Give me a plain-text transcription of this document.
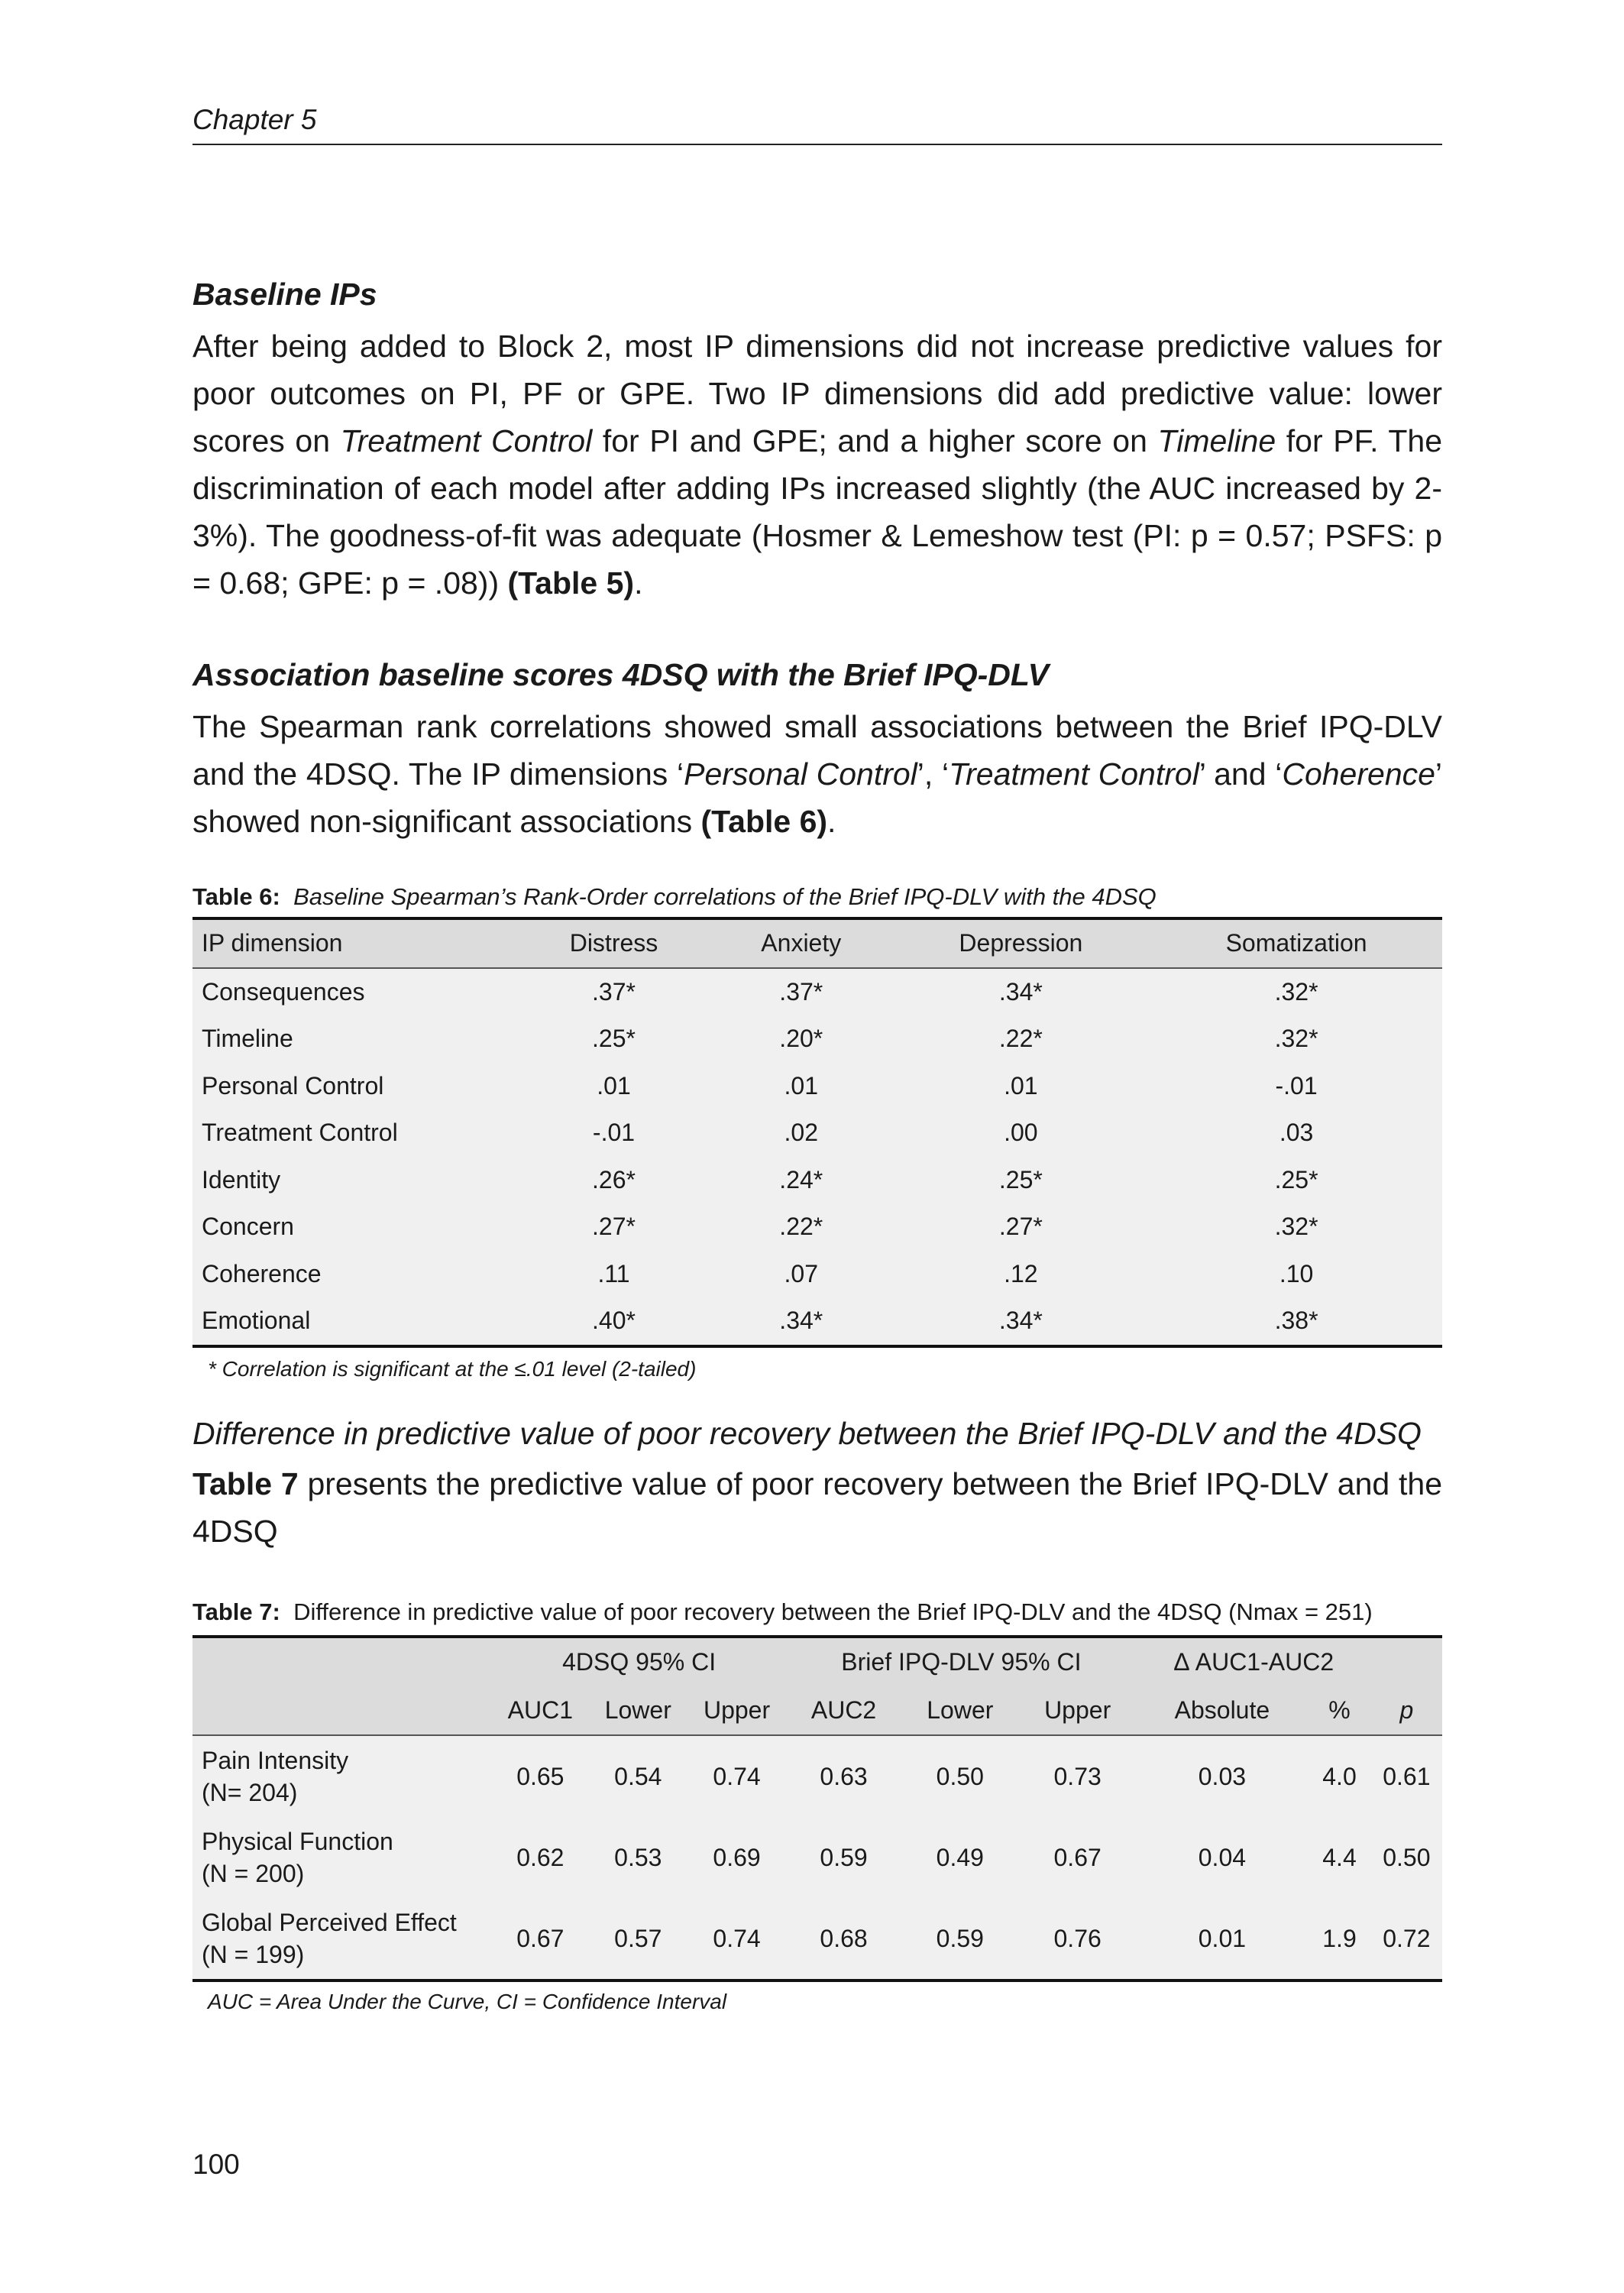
Chapter 5
Baseline IPs

After being added to Block 2, most IP dimensions did not increase predictive values for poor outcomes on PI, PF or GPE. Two IP dimensions did add predictive value: lower scores on Treatment Control for PI and GPE; and a higher score on Timeline for PF. The discrimination of each model after adding IPs increased slightly (the AUC increased by 2-3%). The goodness-of-fit was adequate (Hosmer & Lemeshow test (PI: p = 0.57; PSFS: p = 0.68; GPE: p = .08)) (Table 5).

Association baseline scores 4DSQ with the Brief IPQ-DLV

The Spearman rank correlations showed small associations between the Brief IPQ-DLV and the 4DSQ. The IP dimensions ‘Personal Control’, ‘Treatment Control’ and ‘Coherence’ showed non-significant associations (Table 6).

Table 6: Baseline Spearman’s Rank-Order correlations of the Brief IPQ-DLV with the 4DSQ
IP dimension	Distress	Anxiety	Depression	Somatization
Consequences	.37*	.37*	.34*	.32*
Timeline	.25*	.20*	.22*	.32*
Personal Control	.01	.01	.01	-.01
Treatment Control	-.01	.02	.00	.03
Identity	.26*	.24*	.25*	.25*
Concern	.27*	.22*	.27*	.32*
Coherence	.11	.07	.12	.10
Emotional	.40*	.34*	.34*	.38*
* Correlation is significant at the ≤.01 level (2-tailed)
Difference in predictive value of poor recovery between the Brief IPQ-DLV and the 4DSQ

Table 7 presents the predictive value of poor recovery between the Brief IPQ-DLV and the 4DSQ

Table 7: Difference in predictive value of poor recovery between the Brief IPQ-DLV and the 4DSQ (Nmax = 251)
	4DSQ 95% CI			Brief IPQ-DLV 95% CI			Δ AUC1-AUC2		
	AUC1	Lower	Upper	AUC2	Lower	Upper	Absolute	%	p

Pain Intensity
(N= 204)	0.65	0.54	0.74	0.63	0.50	0.73	0.03	4.0	0.61

Physical Function
(N = 200)	0.62	0.53	0.69	0.59	0.49	0.67	0.04	4.4	0.50

Global Perceived Effect
(N = 199)	0.67	0.57	0.74	0.68	0.59	0.76	0.01	1.9	0.72
AUC = Area Under the Curve, CI = Confidence Interval
100
